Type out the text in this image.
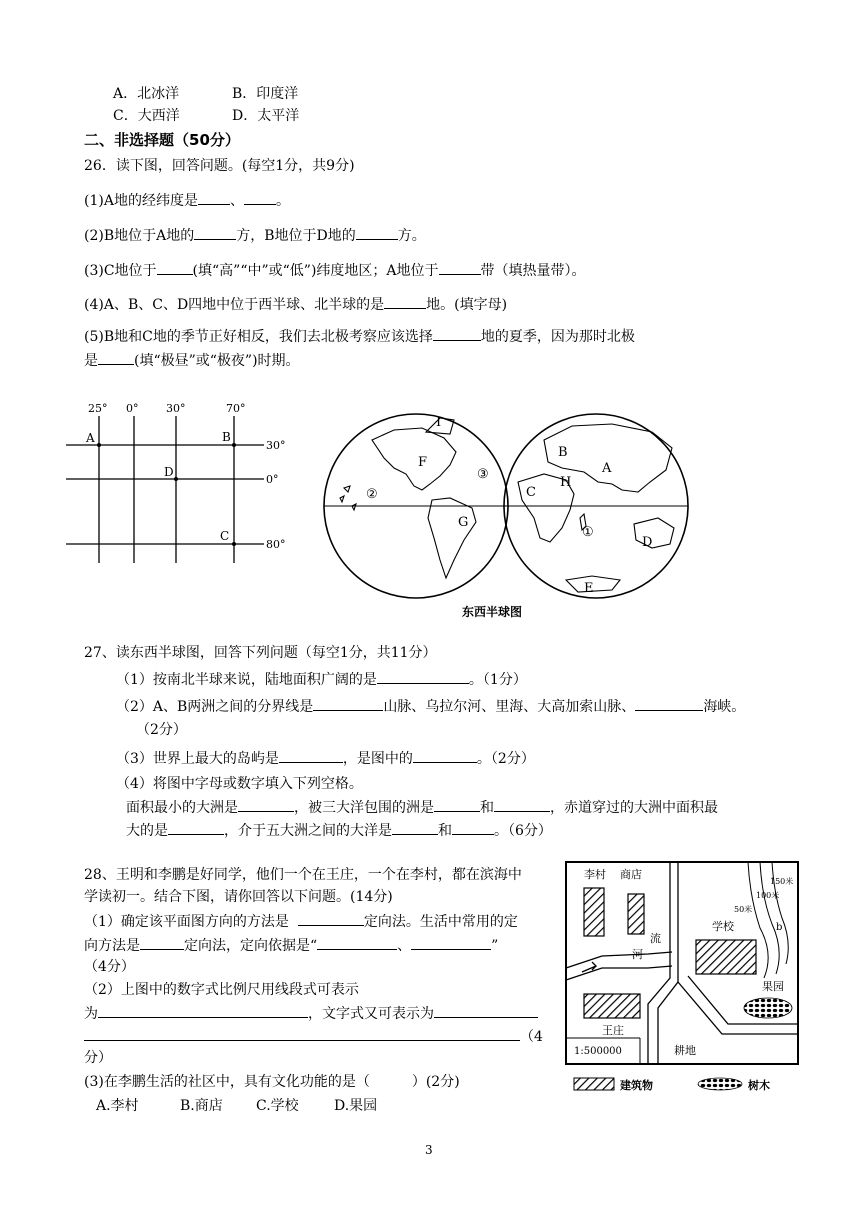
A．北冰洋	B．印度洋
C．大西洋	D．太平洋
二、非选择题（50分）
26．读下图，回答问题。(每空1分，共9分)
(1)A地的经纬度是 、 。
(2)B地位于A地的	方，B地位于D地的	方。
(3)C地位于	(填“高”“中”或“低”)纬度地区；A地位于	带（填热量带）。
(4)A、B、C、D四地中位于西半球、北半球的是	地。(填字母)
(5)B地和C地的季节正好相反，我们去北极考察应该选择	地的夏季，因为那时北极
是	(填“极昼”或“极夜”)时期。
25° 0°	30°	70°
30°
0°
80°
A	B
C
D
F
G
③
②
I
B
A
H
C
①
D
E
东西半球图
27、读东西半球图，回答下列问题（每空1分，共11分）
（1）按南北半球来说，陆地面积广阔的是	。（1分）
（2）A、B两洲之间的分界线是	山脉、乌拉尔河、里海、大高加索山脉、	海峡。
（2分）
（3）世界上最大的岛屿是	，是图中的	。（2分）
（4）将图中字母或数字填入下列空格。
面积最小的大洲是	，被三大洋包围的洲是	和	，赤道穿过的大洲中面积最
大的是	，介于五大洲之间的大洋是	和	。（6分）
28、王明和李鹏是好同学，他们一个在王庄，一个在李村，都在滨海中
学读初一。结合下图，请你回答以下问题。(14分)
（1）确定该平面图方向的方法是	定向法。生活中常用的定
向方法是	定向法，定向依据是“	、	”
（4分）
（2）上图中的数字式比例尺用线段式可表示
为	，文字式又可表示为
（4
分）
(3)在李鹏生活的社区中，具有文化功能的是（　　　）(2分)
A.李村	B.商店 C.学校	D.果园
李村 商店
流
河
学校
果园
王庄
耕地
50米
100米
150米
b
1:500000
建筑物	树木
3
